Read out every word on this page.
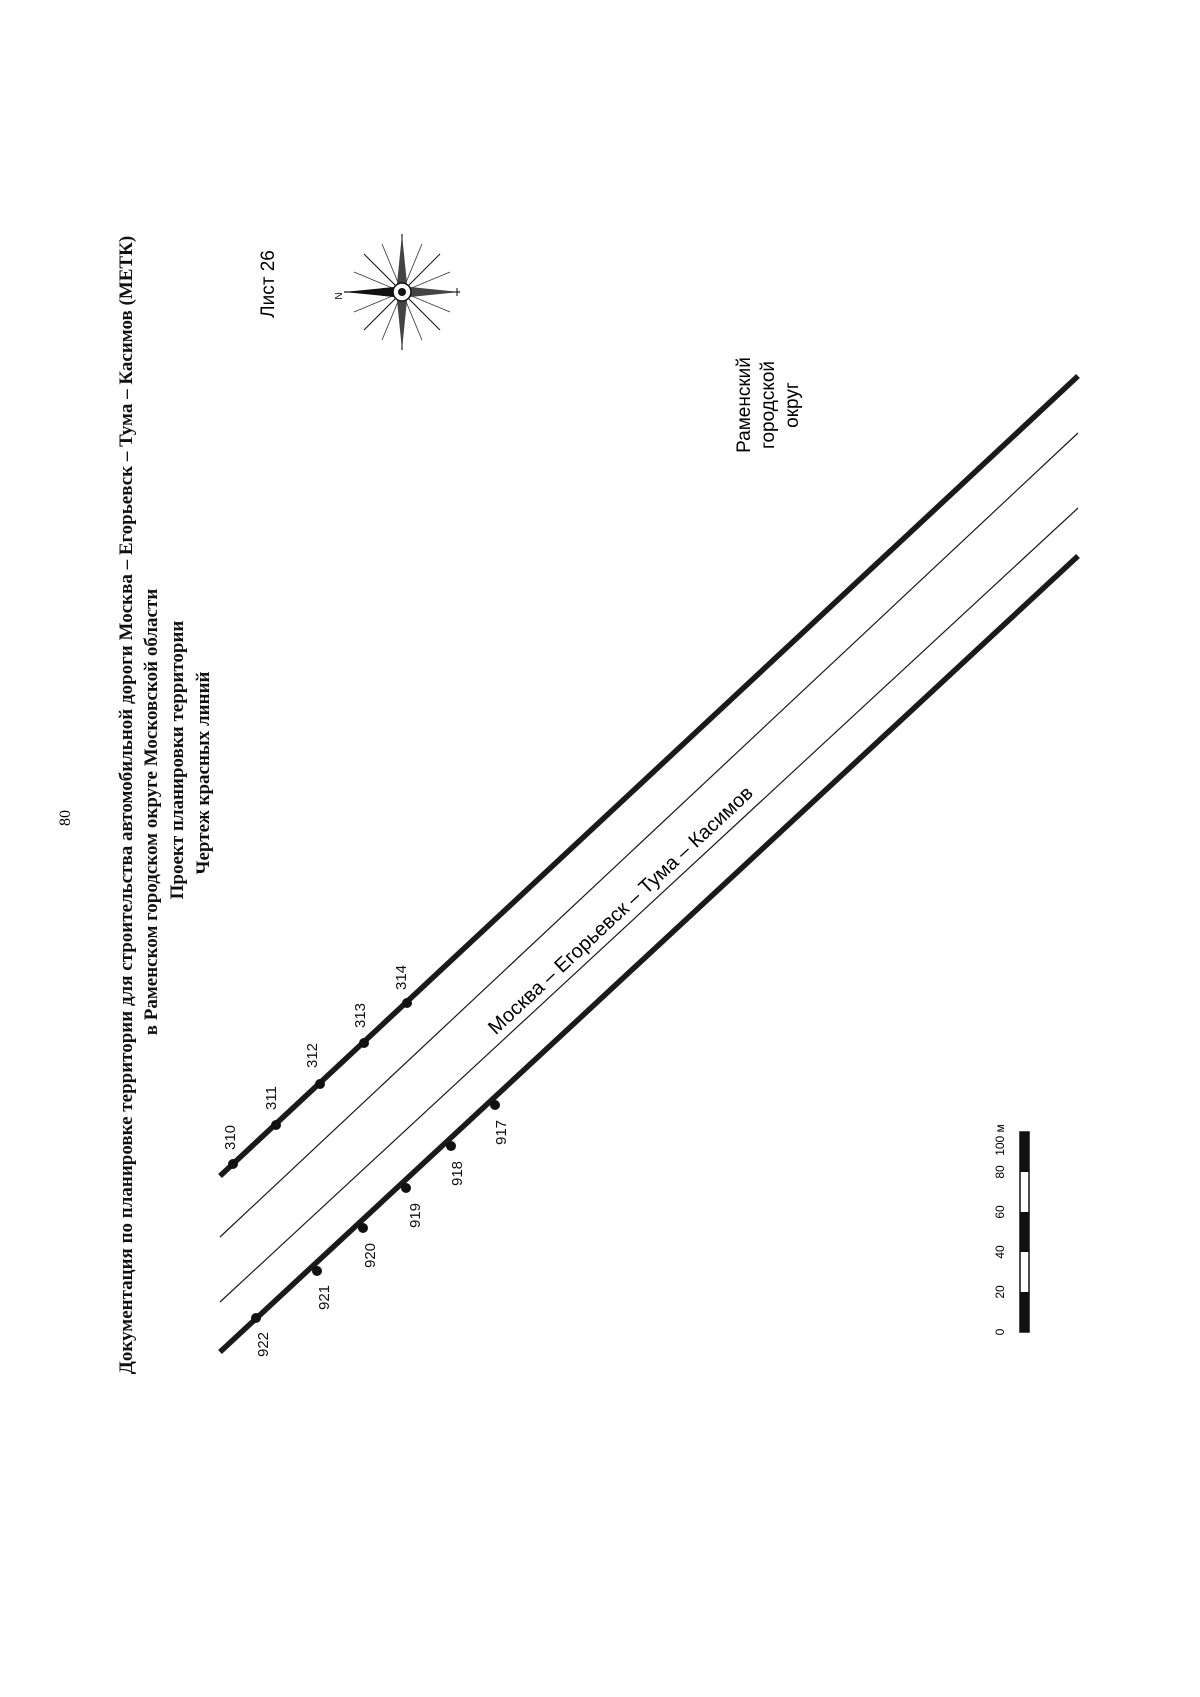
80 Документация по планировке территории для строительства автомобильной дороги Москва – Егорьевск – Тума – Касимов (МЕТК) в Раменском городском округе Московской области Проект планировки территории Чертеж красных линий
Лист 26	N
310
311
312
313
314
922
921
920
919
918
917
Москва – Егорьевск – Тума – Касимов
Раменский городской округ
0
20
40
60
80
100 м
